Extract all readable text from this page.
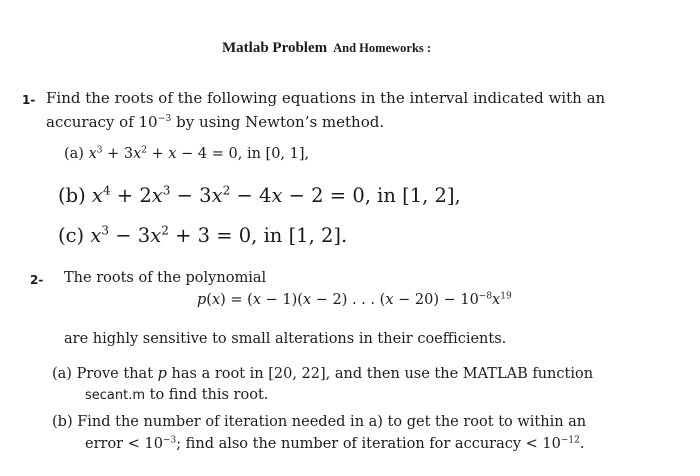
Matlab Problem And Homeworks :
1- Find the roots of the following equations in the interval indicated with an
accuracy of $10^{-3}$ by using Newton’s method.
(a) $x^3 + 3x^2 + x - 4 = 0$, in [0, 1],
(b) $x^4 + 2x^3 - 3x^2 - 4x - 2 = 0$, in [1, 2],
(c) $x^3 - 3x^2 + 3 = 0$, in [1, 2].
2- The roots of the polynomial
p(x) = (x − 1)(x − 2) . . . $(x - 20) - 10^{-8}x^{19}$
are highly sensitive to small alterations in their coefficients.
(a) Prove that p has a root in [20, 22], and then use the MATLAB function
secant.m to find this root.
(b) Find the number of iteration needed in a) to get the root to within an
error < $10^{-3}$; find also the number of iteration for accuracy < $10^{-12}$.
